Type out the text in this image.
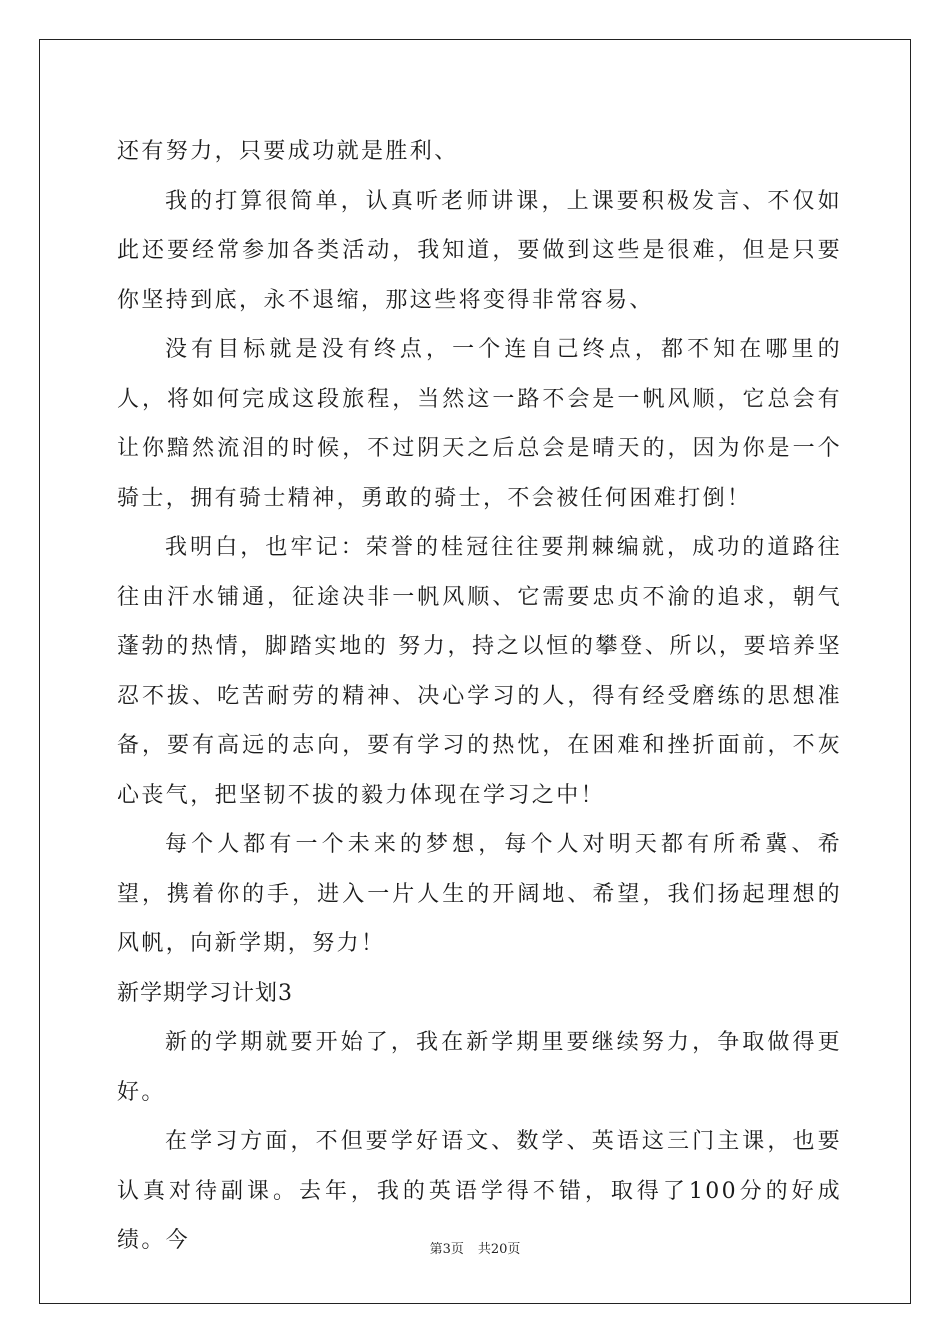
还有努力，只要成功就是胜利、

我的打算很简单，认真听老师讲课，上课要积极发言、不仅如此还要经常参加各类活动，我知道，要做到这些是很难，但是只要你坚持到底，永不退缩，那这些将变得非常容易、

没有目标就是没有终点，一个连自己终点，都不知在哪里的人，将如何完成这段旅程，当然这一路不会是一帆风顺，它总会有让你黯然流泪的时候，不过阴天之后总会是晴天的，因为你是一个骑士，拥有骑士精神，勇敢的骑士，不会被任何困难打倒！

我明白，也牢记：荣誉的桂冠往往要荆棘编就，成功的道路往往由汗水铺通，征途决非一帆风顺、它需要忠贞不渝的追求，朝气蓬勃的热情，脚踏实地的 努力，持之以恒的攀登、所以，要培养坚忍不拔、吃苦耐劳的精神、决心学习的人，得有经受磨练的思想准备，要有高远的志向，要有学习的热忱，在困难和挫折面前，不灰心丧气，把坚韧不拔的毅力体现在学习之中！

每个人都有一个未来的梦想，每个人对明天都有所希冀、希望，携着你的手，进入一片人生的开阔地、希望，我们扬起理想的风帆，向新学期，努力！

新学期学习计划3

新的学期就要开始了，我在新学期里要继续努力，争取做得更好。

在学习方面，不但要学好语文、数学、英语这三门主课，也要认真对待副课。去年，我的英语学得不错，取得了100分的好成绩。今	第3页 共20页
